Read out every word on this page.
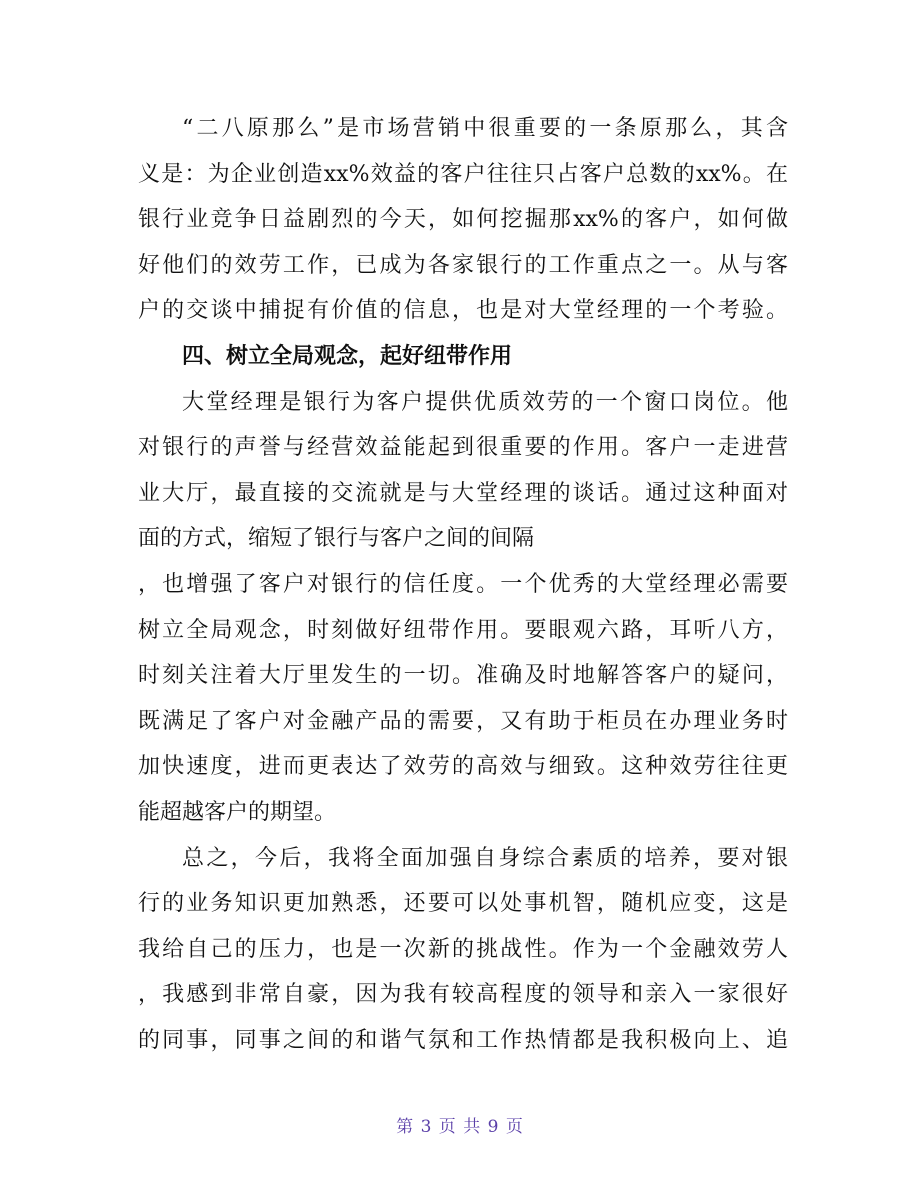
“二八原那么”是市场营销中很重要的一条原那么，其含
义是：为企业创造xx%效益的客户往往只占客户总数的xx%。在
银行业竞争日益剧烈的今天，如何挖掘那xx%的客户，如何做
好他们的效劳工作，已成为各家银行的工作重点之一。从与客
户的交谈中捕捉有价值的信息，也是对大堂经理的一个考验。
四、树立全局观念，起好纽带作用
大堂经理是银行为客户提供优质效劳的一个窗口岗位。他
对银行的声誉与经营效益能起到很重要的作用。客户一走进营
业大厅，最直接的交流就是与大堂经理的谈话。通过这种面对
面的方式，缩短了银行与客户之间的间隔
，也增强了客户对银行的信任度。一个优秀的大堂经理必需要
树立全局观念，时刻做好纽带作用。要眼观六路，耳听八方，
时刻关注着大厅里发生的一切。准确及时地解答客户的疑问，
既满足了客户对金融产品的需要，又有助于柜员在办理业务时
加快速度，进而更表达了效劳的高效与细致。这种效劳往往更
能超越客户的期望。
总之，今后，我将全面加强自身综合素质的培养，要对银
行的业务知识更加熟悉，还要可以处事机智，随机应变，这是
我给自己的压力，也是一次新的挑战性。作为一个金融效劳人
，我感到非常自豪，因为我有较高程度的领导和亲入一家很好
的同事，同事之间的和谐气氛和工作热情都是我积极向上、追
第 3 页 共 9 页
